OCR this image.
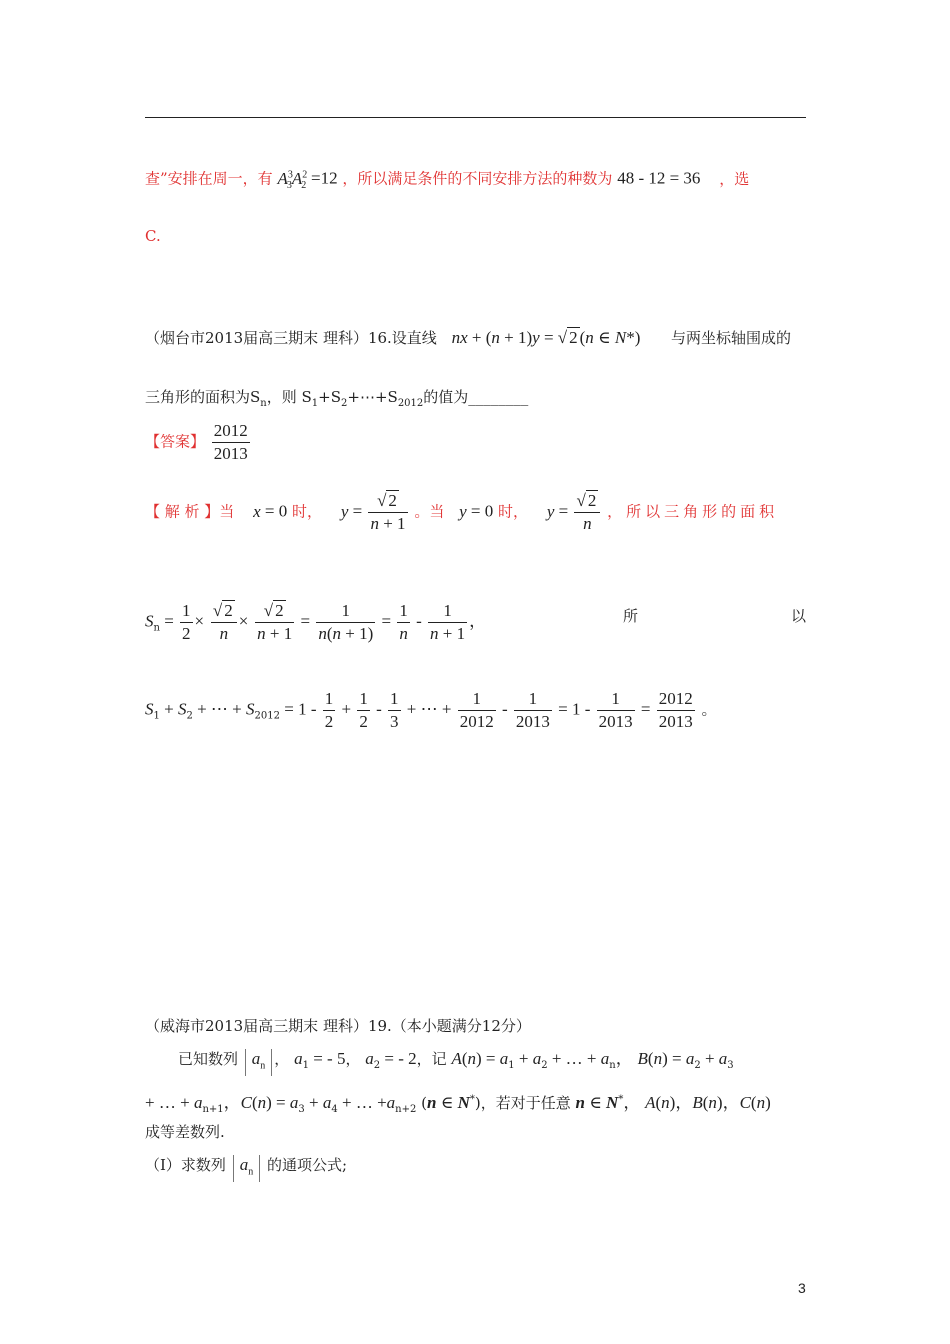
查”安排在周一，有 $A^3_3A^2_2 =12$ ，所以满足条件的不同安排方法的种数为 48 - 12 = 36 ，选
C.
（烟台市2013届高三期末 理科）16.设直线 nx + (n + 1)y = √ 2 (n ∈ N*) 与两坐标轴围成的
三角形的面积为$S_n$，则 $S_1+S_2+\cdots+S_{2012}$的值为________
【答案】 $\frac{2012}{2013}$
【 解 析 】当 x = 0 时， $y = \frac{√ 2}{n + 1}$ 。当 y = 0 时， $y = \frac{√ 2}{n}$ ，所以三角形的面积
$S_n = \frac{1}{2} \times \frac{√ 2}{n} \times \frac{√ 2}{n + 1} = \frac{1}{n(n + 1)} = \frac{1}{n} - \frac{1}{n + 1}$ ，	所	以
$S_1 + S_2$ + ⋯ + $S_{2012} = 1 - \frac{1}{2} + \frac{1}{2} - \frac{1}{3}$ + ⋯ + $\frac{1}{2012} - \frac{1}{2013} = 1 - \frac{1}{2013} = \frac{2012}{2013}$ 。
（威海市2013届高三期末 理科）19.（本小题满分12分）
已知数列 $a_n$ ， $a_1$ = - 5， $a_2$ = - 2，记 $A(n) = a_1 + a_2$ + … + $a_n$， $B(n) = a_2 + a_3$
+ … + $a_{n+1}$，$C(n) = a_3 + a_4$ + … $+a_{n+2}$ (n ∈ N*)，若对于任意 n ∈ N*， A(n)，B(n)，C(n)
成等差数列.
（Ⅰ）求数列 $a_n$ 的通项公式;
3
